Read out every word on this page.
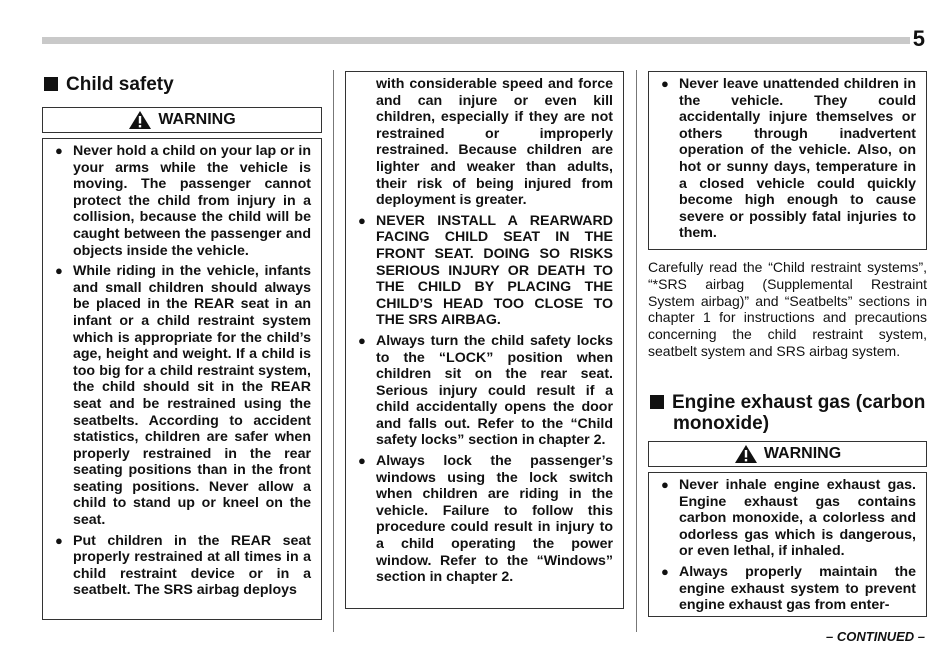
5
Child safety
WARNING
● Never hold a child on your lap or in your arms while the vehicle is moving. The passenger cannot protect the child from injury in a collision, because the child will be caught between the passenger and objects inside the vehicle.
● While riding in the vehicle, infants and small children should always be placed in the REAR seat in an infant or a child restraint system which is appropriate for the child’s age, height and weight. If a child is too big for a child restraint system, the child should sit in the REAR seat and be restrained using the seatbelts. According to accident statistics, children are safer when properly restrained in the rear seating positions than in the front seating positions. Never allow a child to stand up or kneel on the seat.
● Put children in the REAR seat properly restrained at all times in a child restraint device or in a seatbelt. The SRS airbag deploys
with considerable speed and force and can injure or even kill children, especially if they are not restrained or improperly restrained. Because children are lighter and weaker than adults, their risk of being injured from deployment is greater.
● NEVER INSTALL A REARWARD FACING CHILD SEAT IN THE FRONT SEAT. DOING SO RISKS SERIOUS INJURY OR DEATH TO THE CHILD BY PLACING THE CHILD’S HEAD TOO CLOSE TO THE SRS AIRBAG.
● Always turn the child safety locks to the “LOCK” position when children sit on the rear seat. Serious injury could result if a child accidentally opens the door and falls out. Refer to the “Child safety locks” section in chapter 2.
● Always lock the passenger’s windows using the lock switch when children are riding in the vehicle. Failure to follow this procedure could result in injury to a child operating the power window. Refer to the “Windows” section in chapter 2.
● Never leave unattended children in the vehicle. They could accidentally injure themselves or others through inadvertent operation of the vehicle. Also, on hot or sunny days, temperature in a closed vehicle could quickly become high enough to cause severe or possibly fatal injuries to them.
Carefully read the “Child restraint systems”, “*SRS airbag (Supplemental Restraint System airbag)” and “Seatbelts” sections in chapter 1 for instructions and precautions concerning the child restraint system, seatbelt system and SRS airbag system.
Engine exhaust gas (carbon monoxide)
WARNING
● Never inhale engine exhaust gas. Engine exhaust gas contains carbon monoxide, a colorless and odorless gas which is dangerous, or even lethal, if inhaled.
● Always properly maintain the engine exhaust system to prevent engine exhaust gas from enter-
– CONTINUED –
